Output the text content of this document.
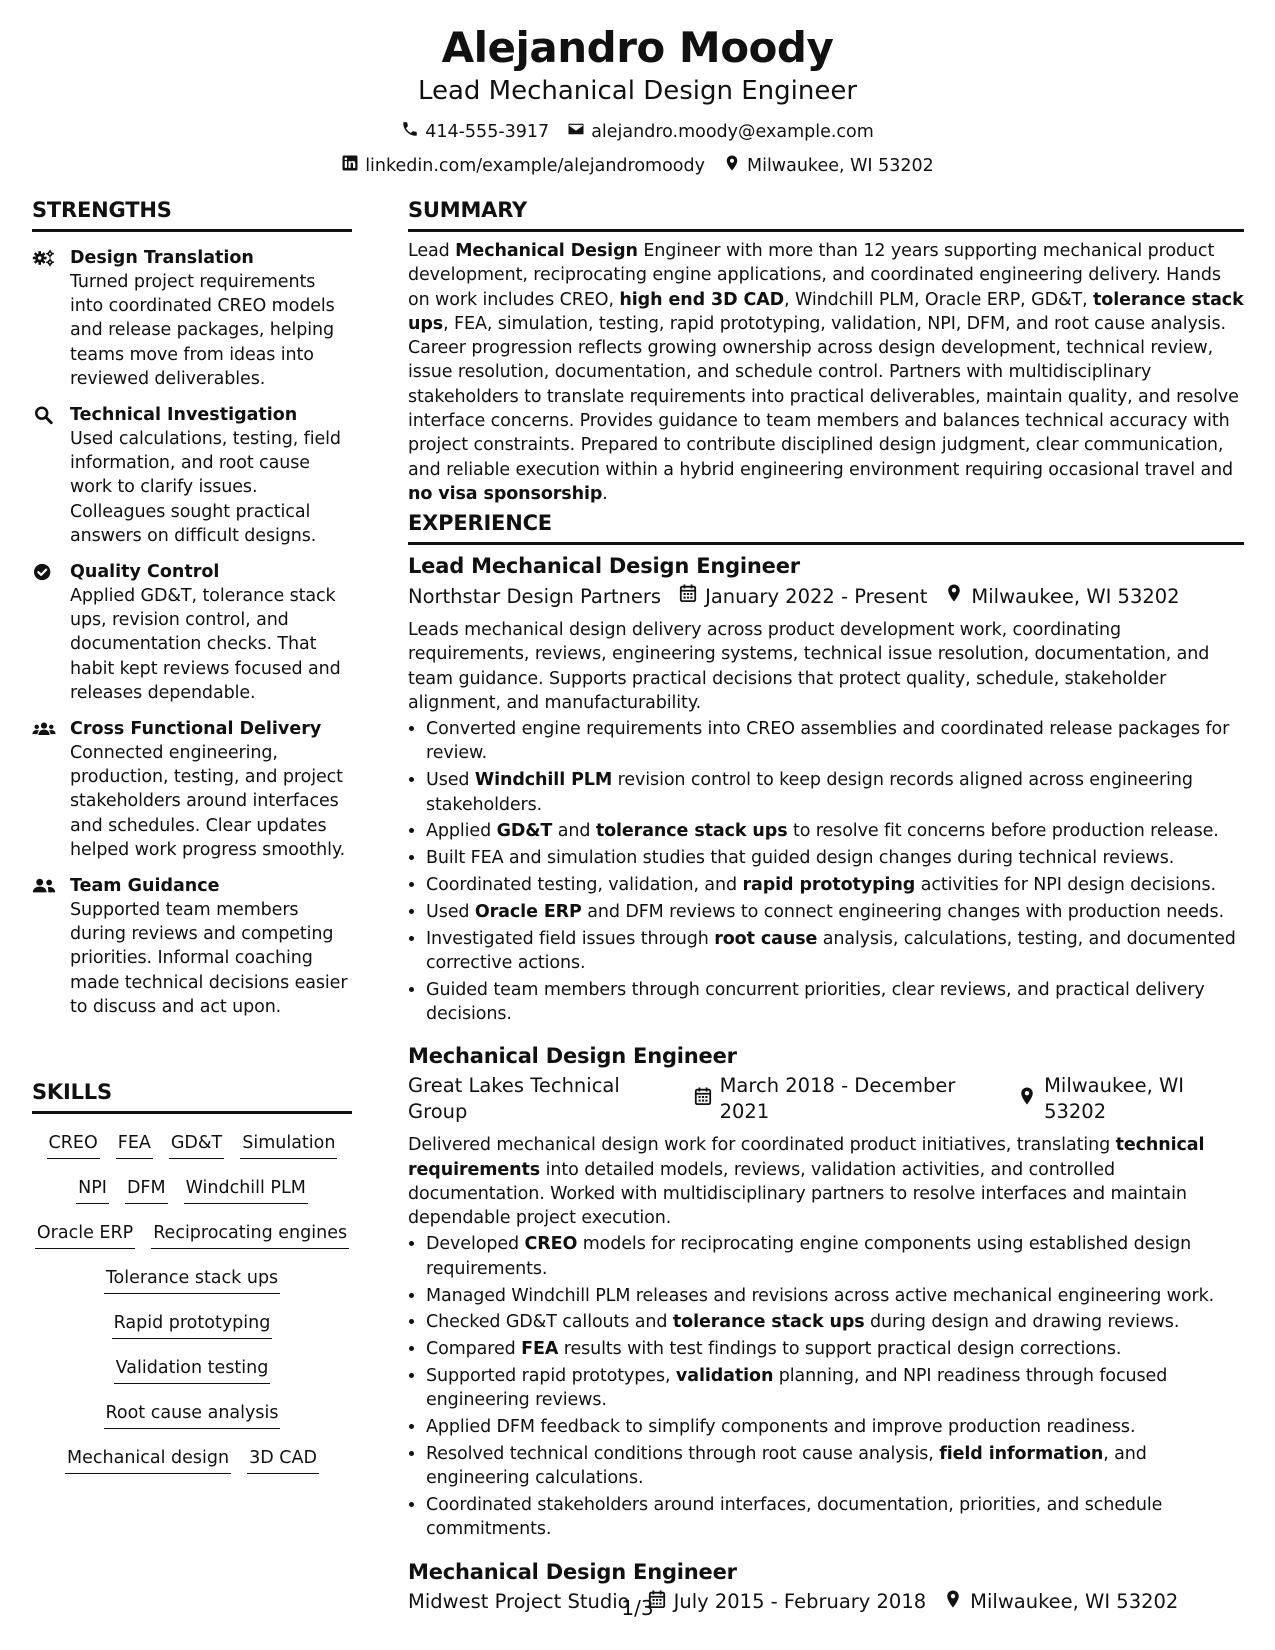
Alejandro Moody
Lead Mechanical Design Engineer
414-555-3917 alejandro.moody@example.com
linkedin.com/example/alejandromoody Milwaukee, WI 53202
STRENGTHS
Design Translation
Turned project requirements into coordinated CREO models and release packages, helping teams move from ideas into reviewed deliverables.
Technical Investigation
Used calculations, testing, field information, and root cause work to clarify issues. Colleagues sought practical answers on difficult designs.
Quality Control
Applied GD&T, tolerance stack ups, revision control, and documentation checks. That habit kept reviews focused and releases dependable.
Cross Functional Delivery
Connected engineering, production, testing, and project stakeholders around interfaces and schedules. Clear updates helped work progress smoothly.
Team Guidance
Supported team members during reviews and competing priorities. Informal coaching made technical decisions easier to discuss and act upon.
SKILLS
CREO FEA GD&T Simulation
NPI DFM Windchill PLM
Oracle ERP Reciprocating engines
Tolerance stack ups
Rapid prototyping
Validation testing
Root cause analysis
Mechanical design 3D CAD
SUMMARY

Lead Mechanical Design Engineer with more than 12 years supporting mechanical product development, reciprocating engine applications, and coordinated engineering delivery. Hands on work includes CREO, high end 3D CAD, Windchill PLM, Oracle ERP, GD&T, tolerance stack ups, FEA, simulation, testing, rapid prototyping, validation, NPI, DFM, and root cause analysis. Career progression reflects growing ownership across design development, technical review, issue resolution, documentation, and schedule control. Partners with multidisciplinary stakeholders to translate requirements into practical deliverables, maintain quality, and resolve interface concerns. Provides guidance to team members and balances technical accuracy with project constraints. Prepared to contribute disciplined design judgment, clear communication, and reliable execution within a hybrid engineering environment requiring occasional travel and no visa sponsorship.

EXPERIENCE
Lead Mechanical Design Engineer
Northstar Design Partners January 2022 - Present Milwaukee, WI 53202

Leads mechanical design delivery across product development work, coordinating requirements, reviews, engineering systems, technical issue resolution, documentation, and team guidance. Supports practical decisions that protect quality, schedule, stakeholder alignment, and manufacturability.

• Converted engine requirements into CREO assemblies and coordinated release packages for review.
• Used Windchill PLM revision control to keep design records aligned across engineering stakeholders.
• Applied GD&T and tolerance stack ups to resolve fit concerns before production release.
• Built FEA and simulation studies that guided design changes during technical reviews.
• Coordinated testing, validation, and rapid prototyping activities for NPI design decisions.
• Used Oracle ERP and DFM reviews to connect engineering changes with production needs.
• Investigated field issues through root cause analysis, calculations, testing, and documented corrective actions.
• Guided team members through concurrent priorities, clear reviews, and practical delivery decisions.
Mechanical Design Engineer
Great Lakes Technical Group
March 2018 - December 2021
Milwaukee, WI 53202

Delivered mechanical design work for coordinated product initiatives, translating technical requirements into detailed models, reviews, validation activities, and controlled documentation. Worked with multidisciplinary partners to resolve interfaces and maintain dependable project execution.

• Developed CREO models for reciprocating engine components using established design requirements.
• Managed Windchill PLM releases and revisions across active mechanical engineering work.
• Checked GD&T callouts and tolerance stack ups during design and drawing reviews.
• Compared FEA results with test findings to support practical design corrections.
• Supported rapid prototypes, validation planning, and NPI readiness through focused engineering reviews.
• Applied DFM feedback to simplify components and improve production readiness.
• Resolved technical conditions through root cause analysis, field information, and engineering calculations.
• Coordinated stakeholders around interfaces, documentation, priorities, and schedule commitments.
Mechanical Design Engineer
Midwest Project Studio July 2015 - February 2018 Milwaukee, WI 53202
1/3
